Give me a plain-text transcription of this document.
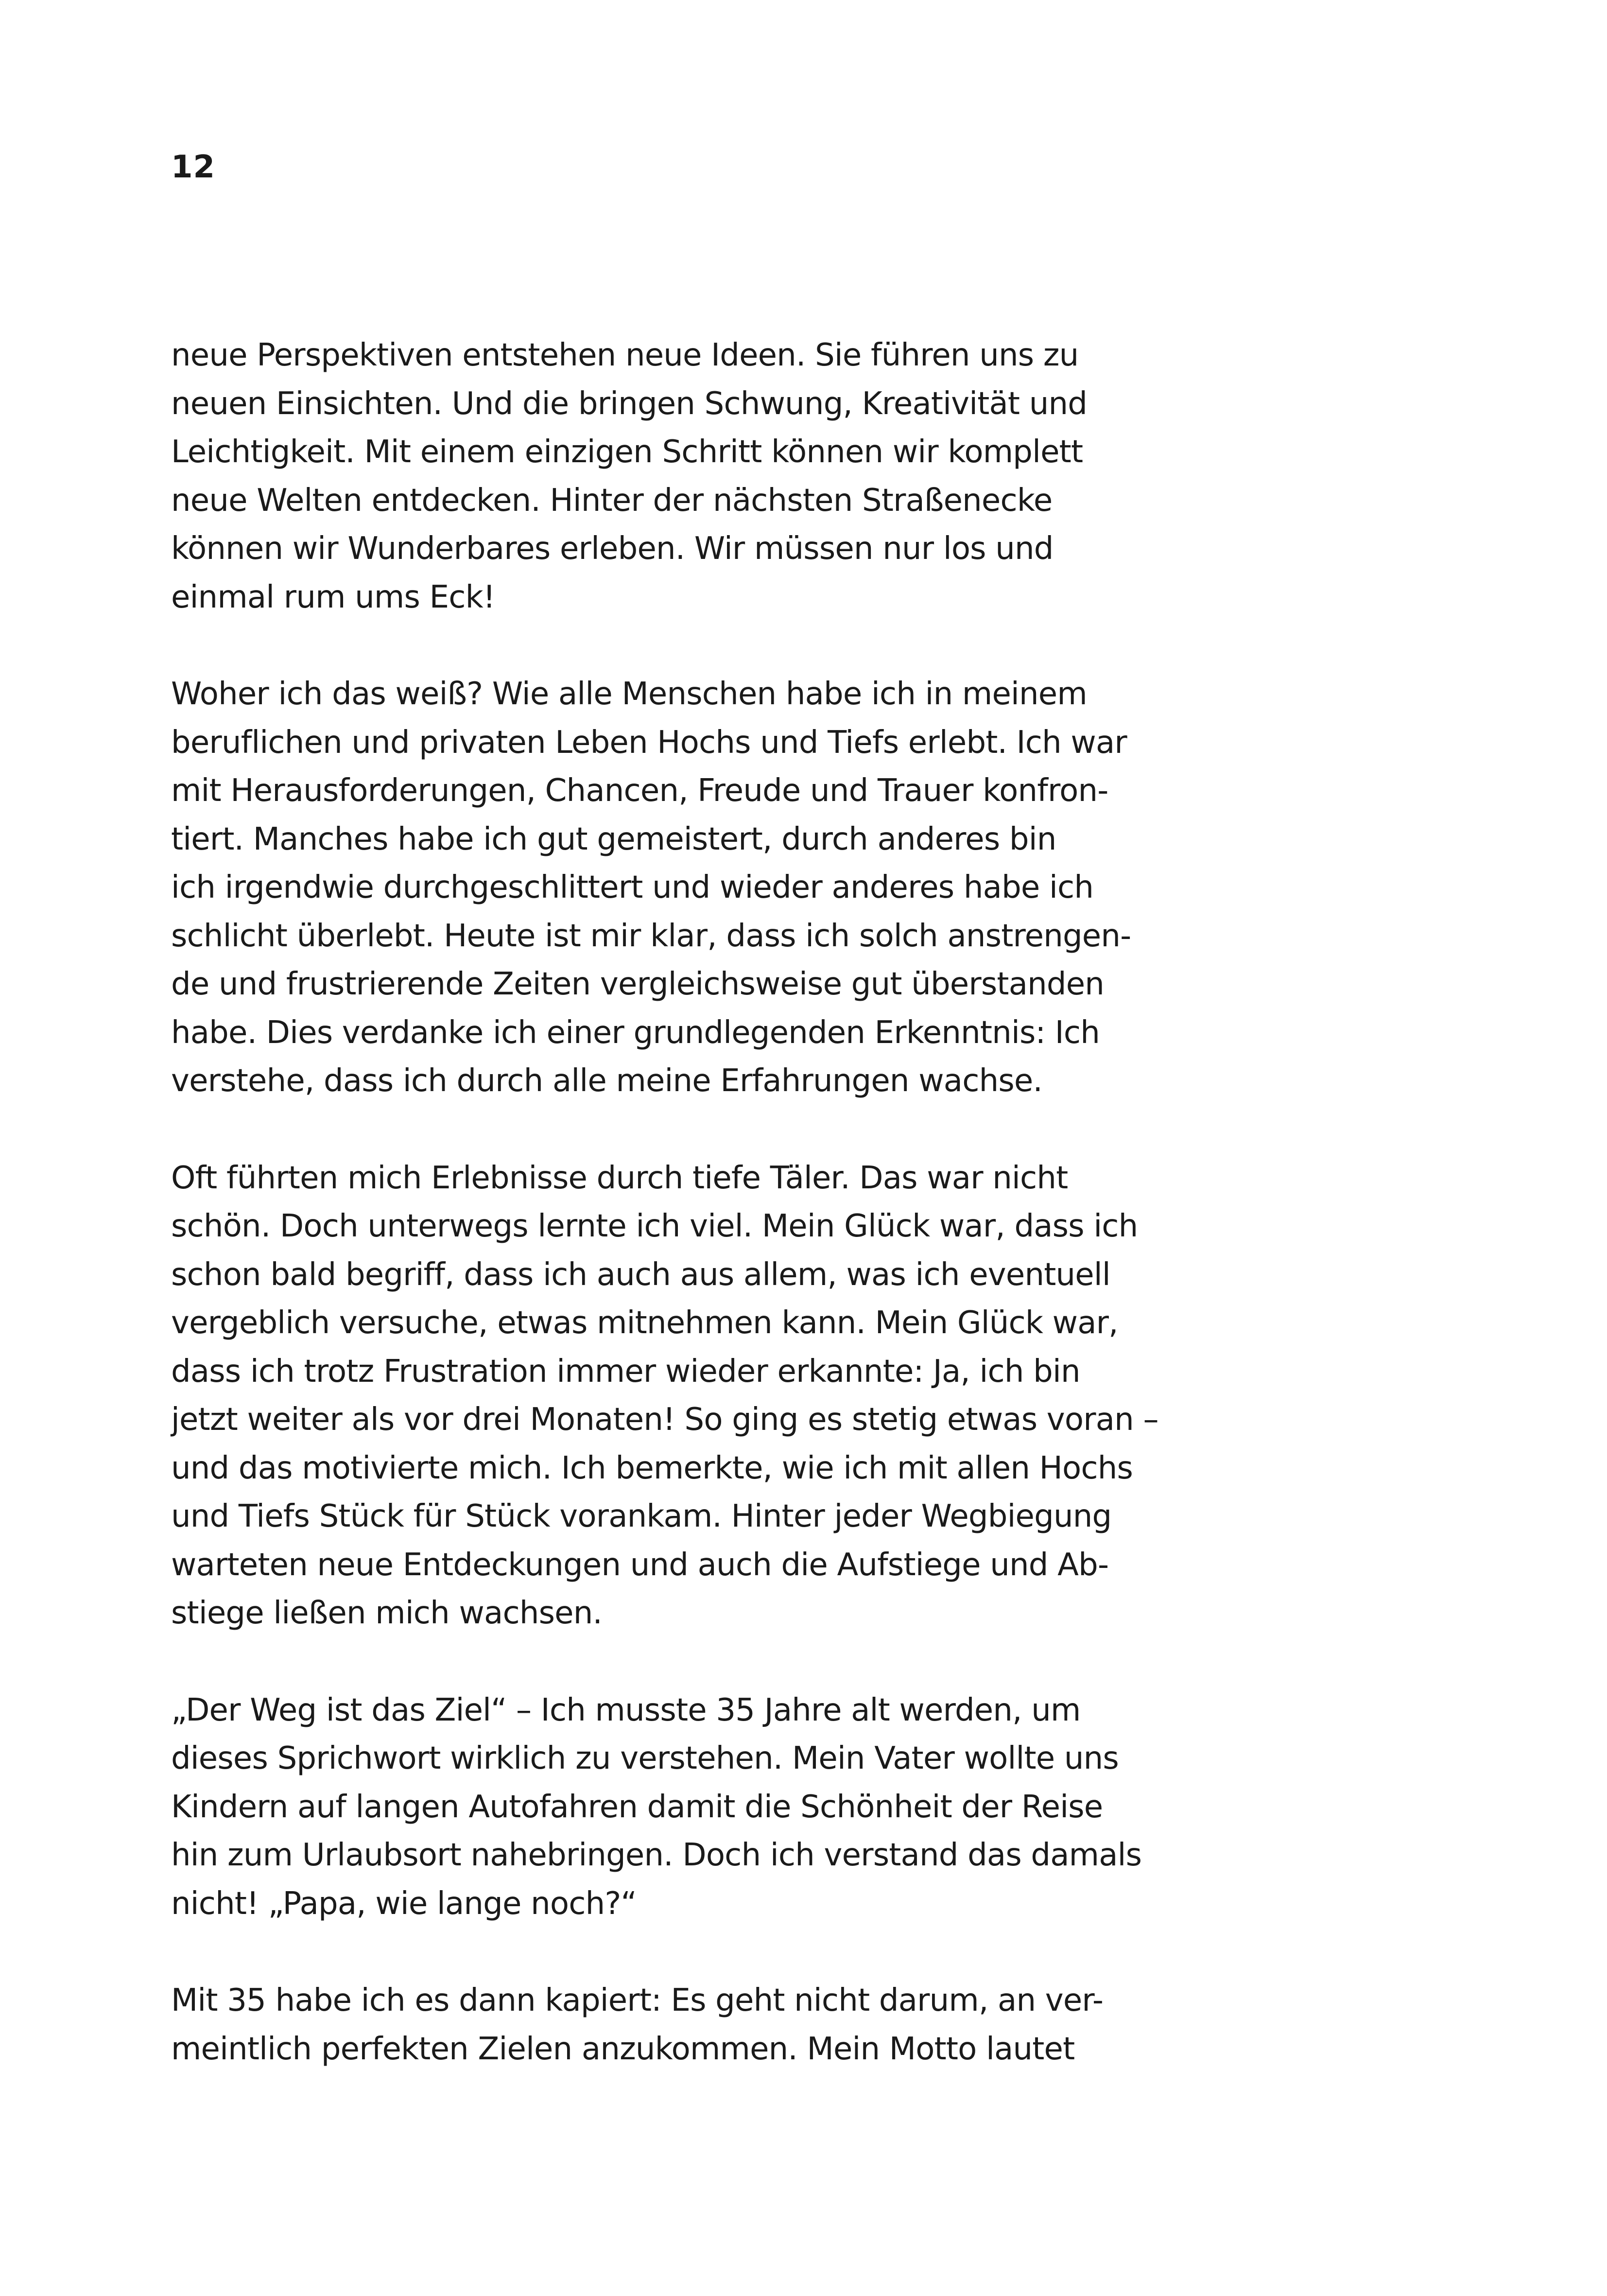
12

neue Perspektiven entstehen neue Ideen. Sie führen uns zu
neuen Einsichten. Und die bringen Schwung, Kreativität und
Leichtigkeit. Mit einem einzigen Schritt können wir komplett
neue Welten entdecken. Hinter der nächsten Straßenecke
können wir Wunderbares erleben. Wir müssen nur los und
einmal rum ums Eck!

Woher ich das weiß? Wie alle Menschen habe ich in meinem
beruflichen und privaten Leben Hochs und Tiefs erlebt. Ich war
mit Herausforderungen, Chancen, Freude und Trauer konfron-
tiert. Manches habe ich gut gemeistert, durch anderes bin
ich irgendwie durchgeschlittert und wieder anderes habe ich
schlicht überlebt. Heute ist mir klar, dass ich solch anstrengen-
de und frustrierende Zeiten vergleichsweise gut überstanden
habe. Dies verdanke ich einer grundlegenden Erkenntnis: Ich
verstehe, dass ich durch alle meine Erfahrungen wachse.

Oft führten mich Erlebnisse durch tiefe Täler. Das war nicht
schön. Doch unterwegs lernte ich viel. Mein Glück war, dass ich
schon bald begriff, dass ich auch aus allem, was ich eventuell
vergeblich versuche, etwas mitnehmen kann. Mein Glück war,
dass ich trotz Frustration immer wieder erkannte: Ja, ich bin
jetzt weiter als vor drei Monaten! So ging es stetig etwas voran –
und das motivierte mich. Ich bemerkte, wie ich mit allen Hochs
und Tiefs Stück für Stück vorankam. Hinter jeder Wegbiegung
warteten neue Entdeckungen und auch die Aufstiege und Ab-
stiege ließen mich wachsen.

„Der Weg ist das Ziel“ – Ich musste 35 Jahre alt werden, um
dieses Sprichwort wirklich zu verstehen. Mein Vater wollte uns
Kindern auf langen Autofahren damit die Schönheit der Reise
hin zum Urlaubsort nahebringen. Doch ich verstand das damals
nicht! „Papa, wie lange noch?“

Mit 35 habe ich es dann kapiert: Es geht nicht darum, an ver-
meintlich perfekten Zielen anzukommen. Mein Motto lautet
